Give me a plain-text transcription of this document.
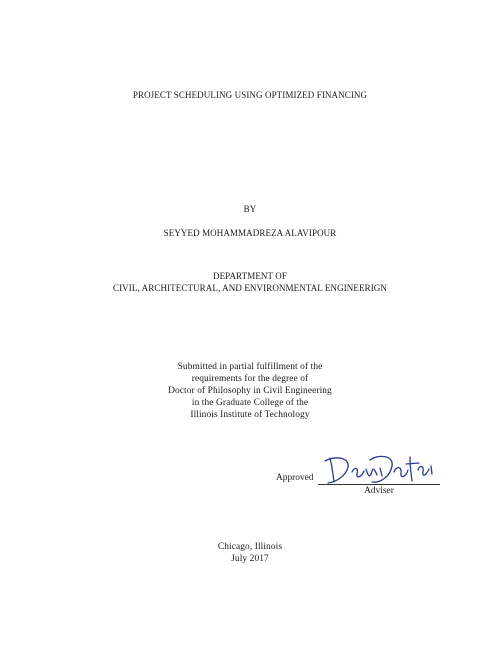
PROJECT SCHEDULING USING OPTIMIZED FINANCING
BY
SEYYED MOHAMMADREZA ALAVIPOUR
DEPARTMENT OF
CIVIL, ARCHITECTURAL, AND ENVIRONMENTAL ENGINEERIGN
Submitted in partial fulfillment of the
requirements for the degree of
Doctor of Philosophy in Civil Engineering
in the Graduate College of the
Illinois Institute of Technology
Approved
Adviser
Chicago, Illinois
July 2017
